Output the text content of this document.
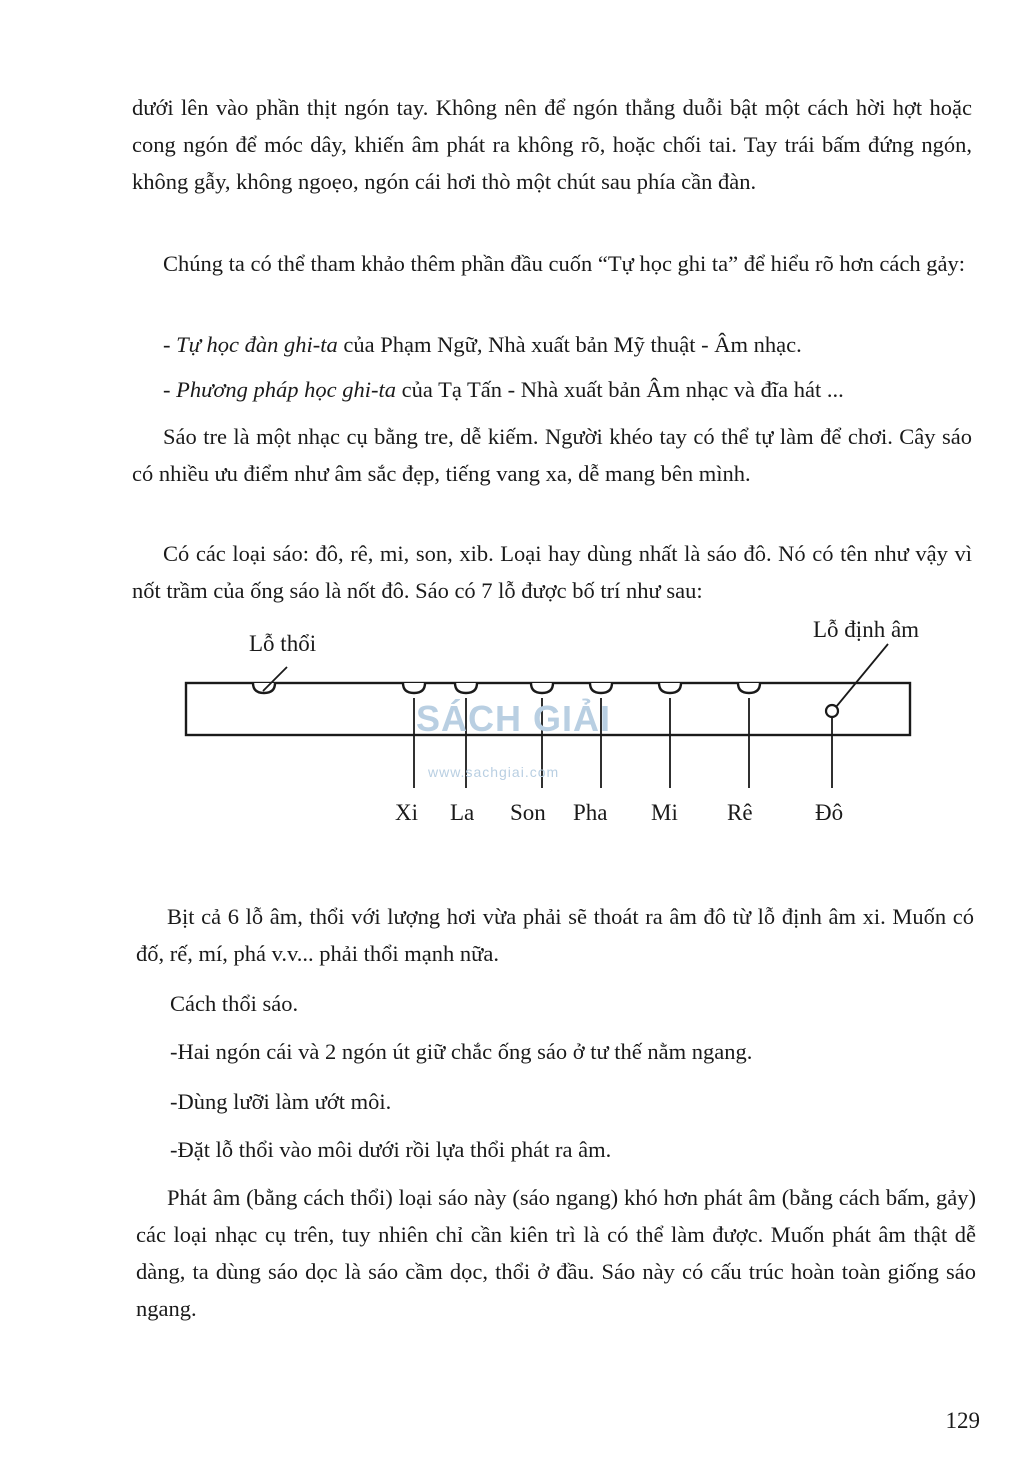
dưới lên vào phần thịt ngón tay. Không nên để ngón thẳng duỗi bật một cách hời hợt hoặc cong ngón để móc dây, khiến âm phát ra không rõ, hoặc chối tai. Tay trái bấm đứng ngón, không gẫy, không ngoẹo, ngón cái hơi thò một chút sau phía cần đàn.

Chúng ta có thể tham khảo thêm phần đầu cuốn “Tự học ghi ta” để hiểu rõ hơn cách gảy:

- Tự học đàn ghi-ta của Phạm Ngữ, Nhà xuất bản Mỹ thuật - Âm nhạc.

- Phương pháp học ghi-ta của Tạ Tấn - Nhà xuất bản Âm nhạc và đĩa hát ...

Sáo tre là một nhạc cụ bằng tre, dễ kiếm. Người khéo tay có thể tự làm để chơi. Cây sáo có nhiều ưu điểm như âm sắc đẹp, tiếng vang xa, dễ mang bên mình.

Có các loại sáo: đô, rê, mi, son, xib. Loại hay dùng nhất là sáo đô. Nó có tên như vậy vì nốt trầm của ống sáo là nốt đô. Sáo có 7 lỗ được bố trí như sau:

SÁCH GIẢI
www.sachgiai.com
Lỗ thổi
Lỗ định âm
Xi La Son Pha Mi Rê	Đô

Bịt cả 6 lỗ âm, thổi với lượng hơi vừa phải sẽ thoát ra âm đô từ lỗ định âm xi. Muốn có đố, rế, mí, phá v.v... phải thổi mạnh nữa.

Cách thổi sáo.

-Hai ngón cái và 2 ngón út giữ chắc ống sáo ở tư thế nằm ngang.

-Dùng lưỡi làm ướt môi.

-Đặt lỗ thổi vào môi dưới rồi lựa thổi phát ra âm.

Phát âm (bằng cách thổi) loại sáo này (sáo ngang) khó hơn phát âm (bằng cách bấm, gảy) các loại nhạc cụ trên, tuy nhiên chỉ cần kiên trì là có thể làm được. Muốn phát âm thật dễ dàng, ta dùng sáo dọc là sáo cầm dọc, thổi ở đầu. Sáo này có cấu trúc hoàn toàn giống sáo ngang.

129
